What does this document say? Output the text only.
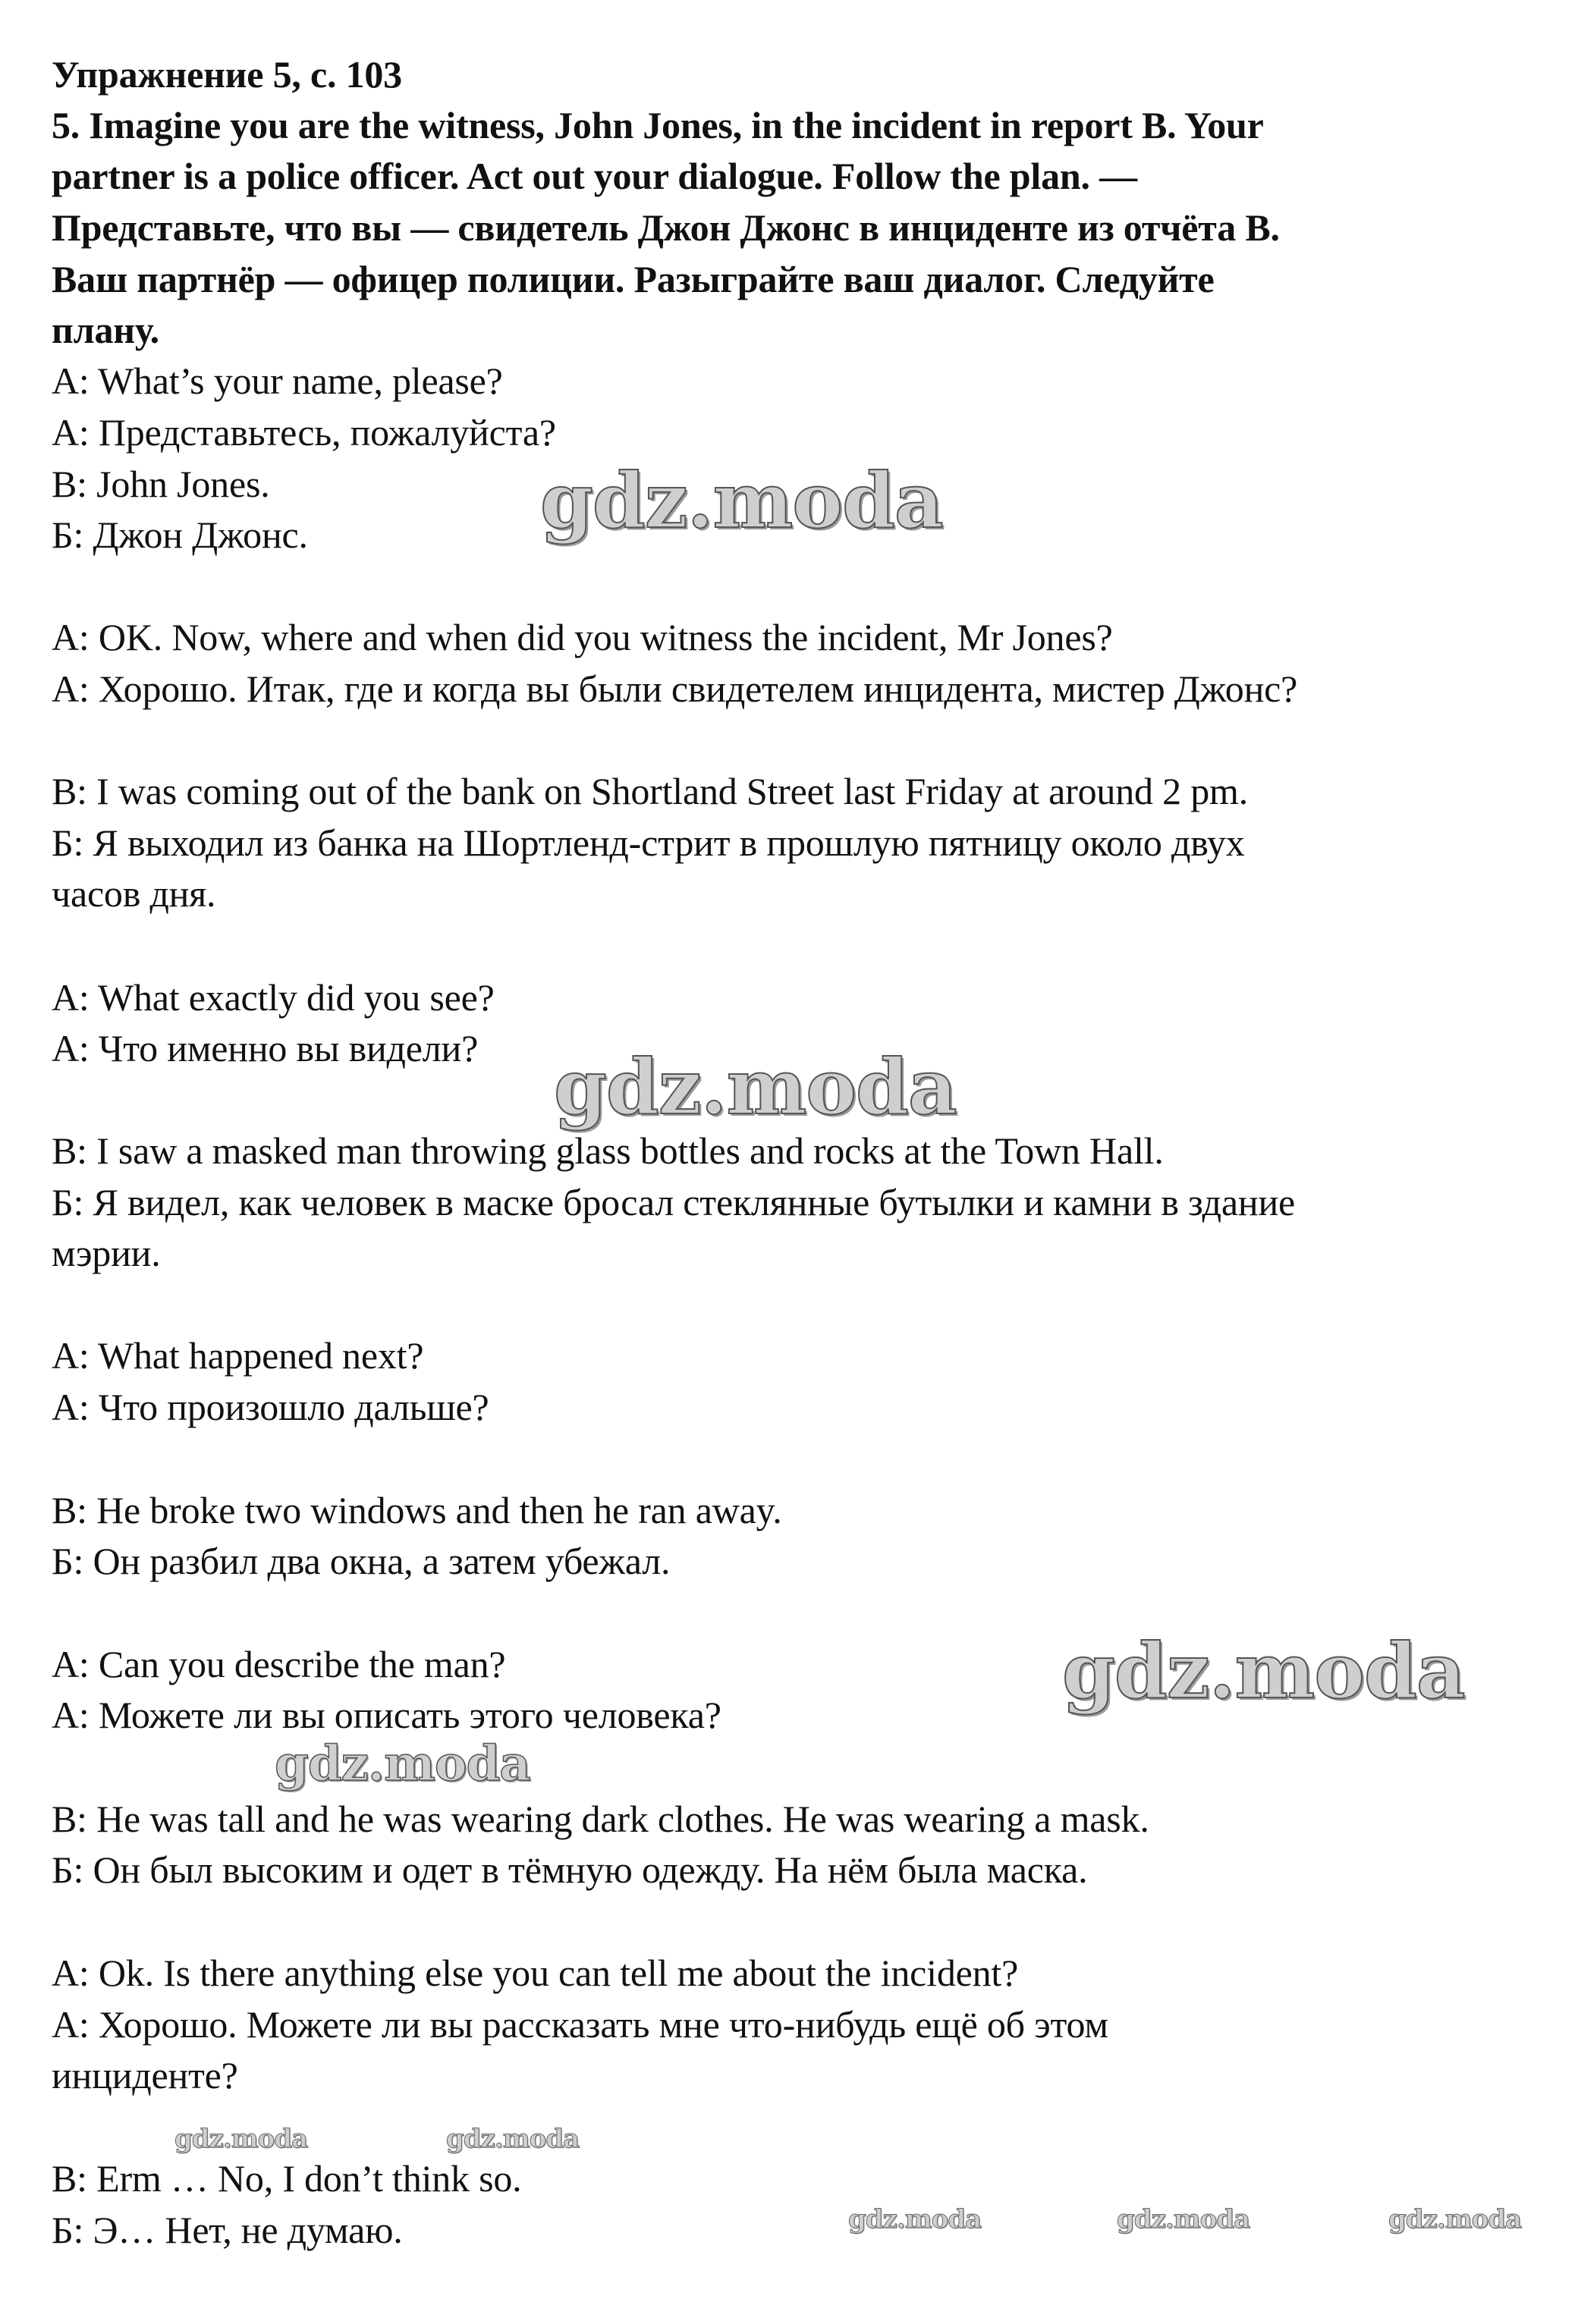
Упражнение 5, с. 103
5. Imagine you are the witness, John Jones, in the incident in report B. Your
partner is a police officer. Act out your dialogue. Follow the plan. —
Представьте, что вы — свидетель Джон Джонс в инциденте из отчёта B.
Ваш партнёр — офицер полиции. Разыграйте ваш диалог. Следуйте
плану.
A: What’s your name, please?
А: Представьтесь, пожалуйста?
B: John Jones.
Б: Джон Джонс.
A: OK. Now, where and when did you witness the incident, Mr Jones?
А: Хорошо. Итак, где и когда вы были свидетелем инцидента, мистер Джонс?
B: I was coming out of the bank on Shortland Street last Friday at around 2 pm.
Б: Я выходил из банка на Шортленд-стрит в прошлую пятницу около двух
часов дня.
A: What exactly did you see?
А: Что именно вы видели?
B: I saw a masked man throwing glass bottles and rocks at the Town Hall.
Б: Я видел, как человек в маске бросал стеклянные бутылки и камни в здание
мэрии.
A: What happened next?
А: Что произошло дальше?
B: He broke two windows and then he ran away.
Б: Он разбил два окна, а затем убежал.
A: Can you describe the man?
А: Можете ли вы описать этого человека?
B: He was tall and he was wearing dark clothes. He was wearing a mask.
Б: Он был высоким и одет в тёмную одежду. На нём была маска.
A: Ok. Is there anything else you can tell me about the incident?
А: Хорошо. Можете ли вы рассказать мне что-нибудь ещё об этом
инциденте?
B: Erm … No, I don’t think so.
Б: Э… Нет, не думаю.
gdz.moda
gdz.moda
gdz.moda
gdz.moda
gdz.moda	gdz.moda
gdz.moda	gdz.moda	gdz.moda
